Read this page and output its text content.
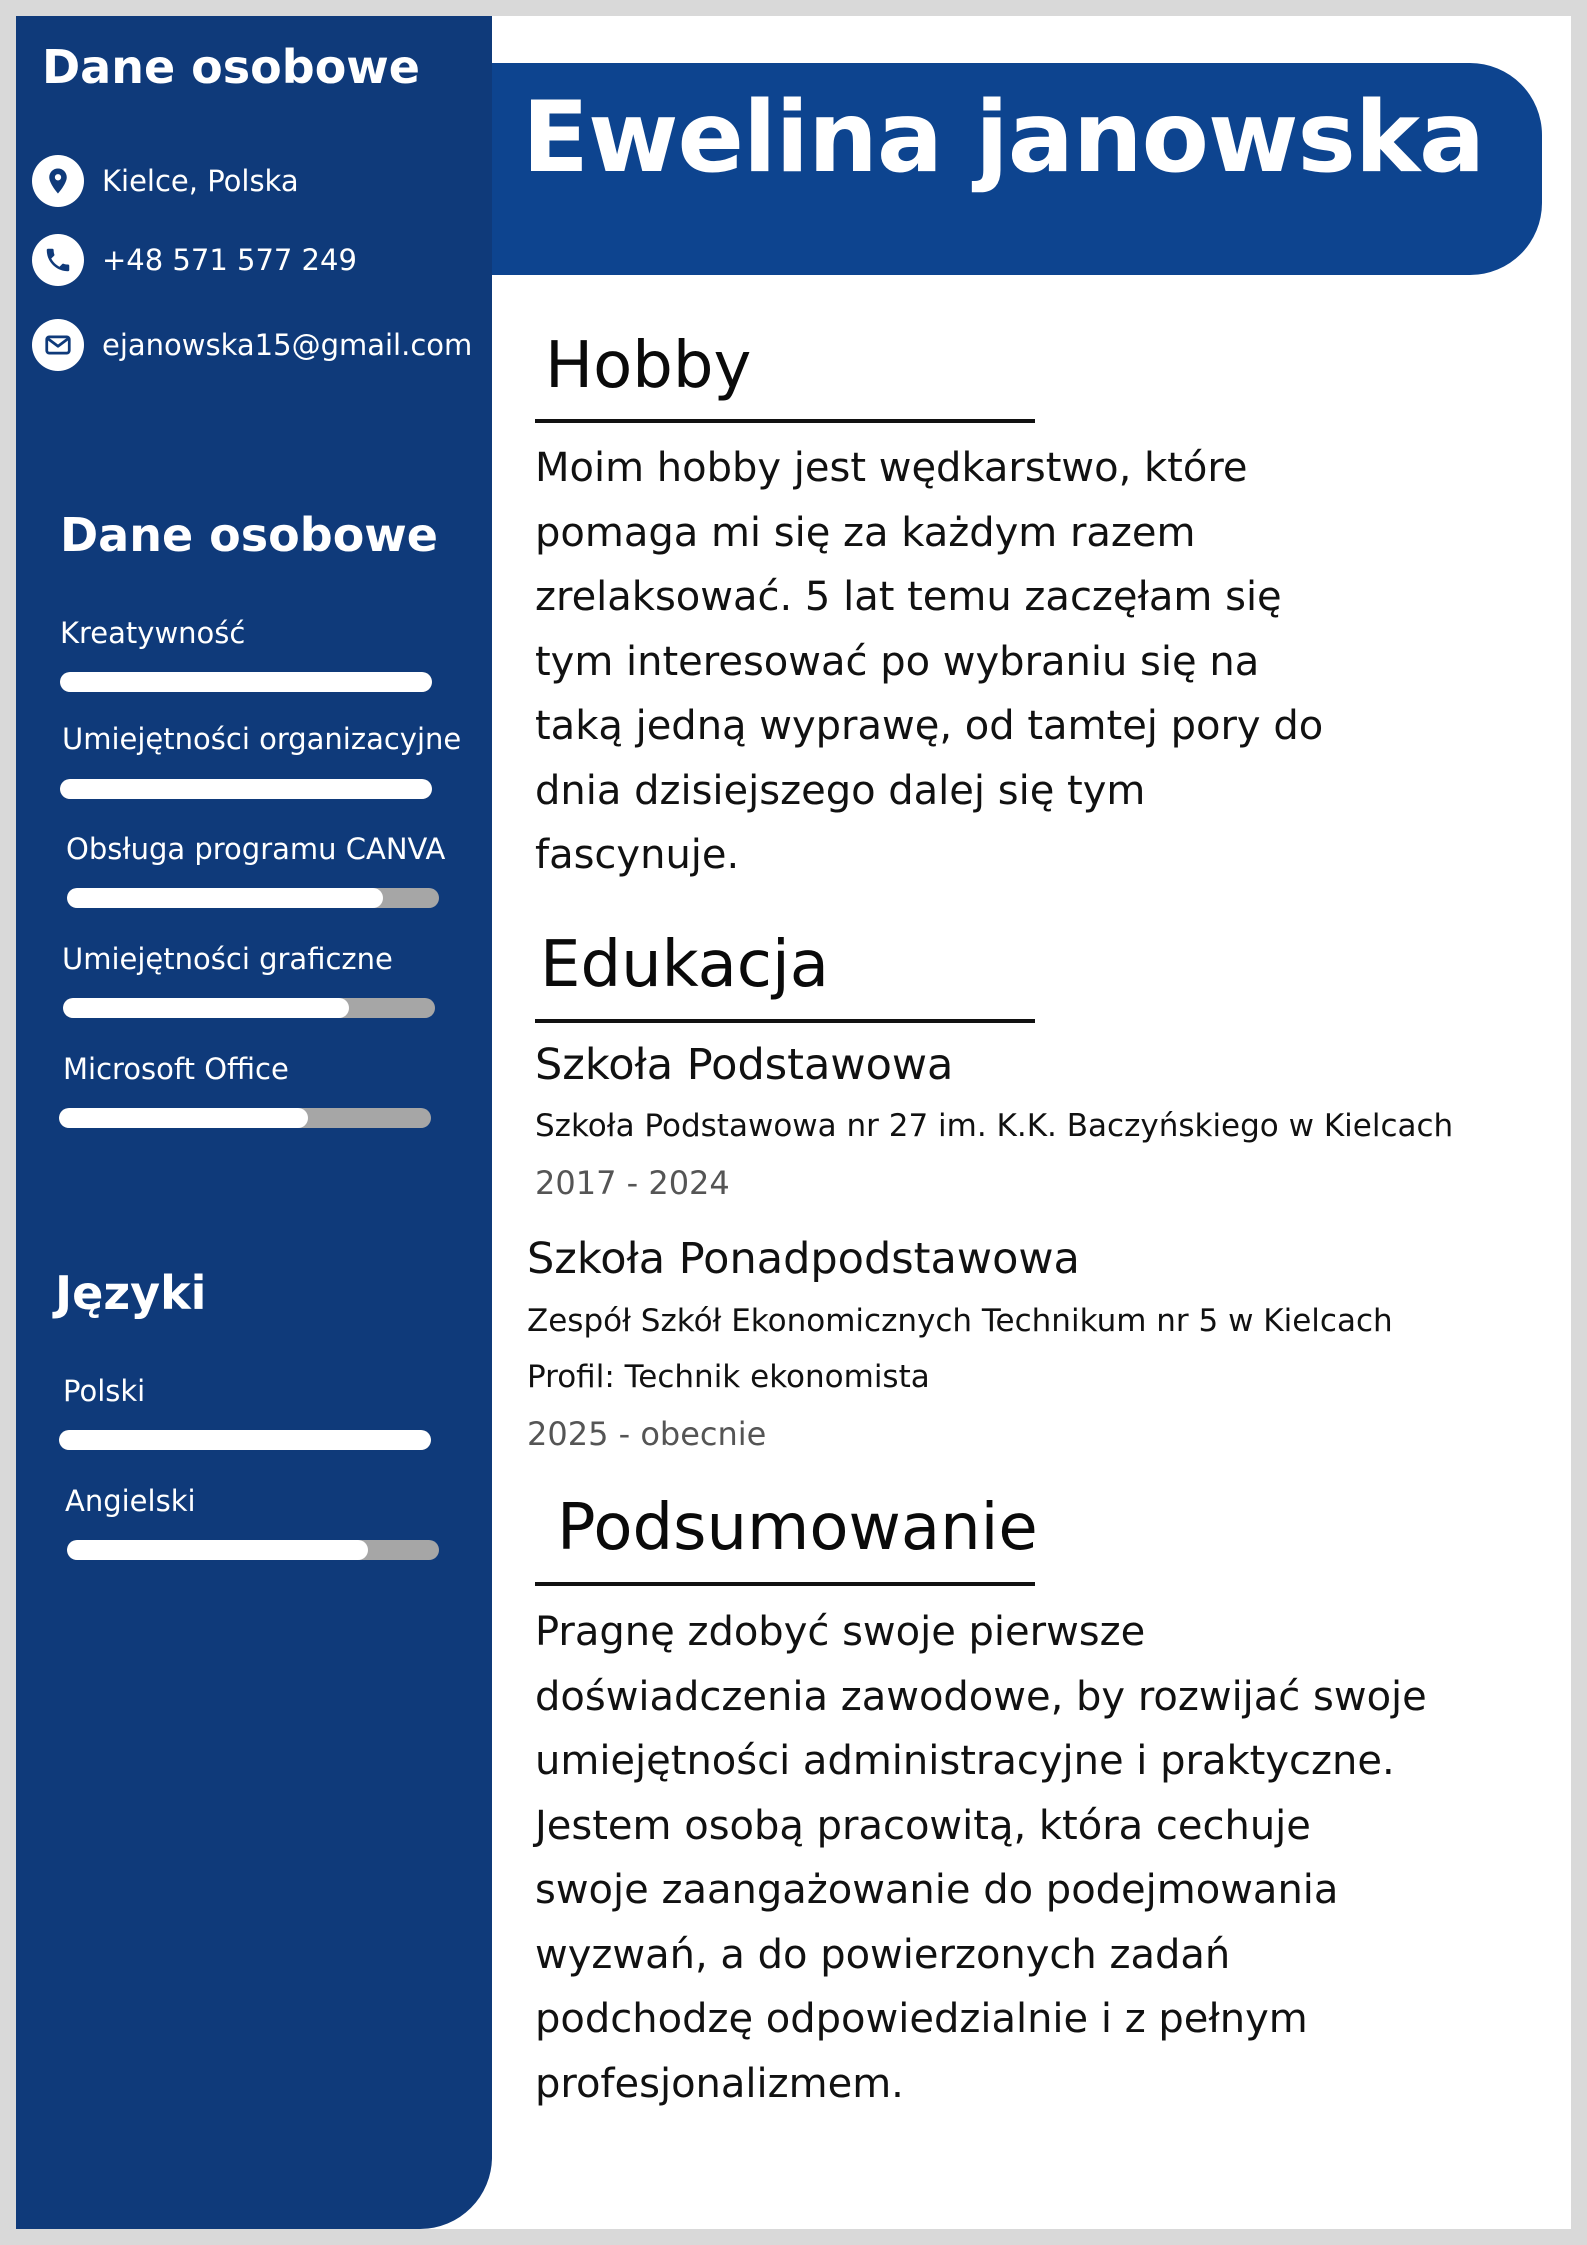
Dane osobowe
Kielce, Polska
+48 571 577 249
ejanowska15@gmail.com
Dane osobowe
Kreatywność
Umiejętności organizacyjne
Obsługa programu CANVA
Umiejętności graficzne
Microsoft Office
Języki
Polski
Angielski
Ewelina janowska
Hobby
Moim hobby jest wędkarstwo, które
pomaga mi się za każdym razem
zrelaksować. 5 lat temu zaczęłam się
tym interesować po wybraniu się na
taką jedną wyprawę, od tamtej pory do
dnia dzisiejszego dalej się tym
fascynuje.
Edukacja
Szkoła Podstawowa
Szkoła Podstawowa nr 27 im. K.K. Baczyńskiego w Kielcach
2017 - 2024
Szkoła Ponadpodstawowa
Zespół Szkół Ekonomicznych Technikum nr 5 w Kielcach
Profil: Technik ekonomista
2025 - obecnie
Podsumowanie
Pragnę zdobyć swoje pierwsze
doświadczenia zawodowe, by rozwijać swoje
umiejętności administracyjne i praktyczne.
Jestem osobą pracowitą, która cechuje
swoje zaangażowanie do podejmowania
wyzwań, a do powierzonych zadań
podchodzę odpowiedzialnie i z pełnym
profesjonalizmem.
